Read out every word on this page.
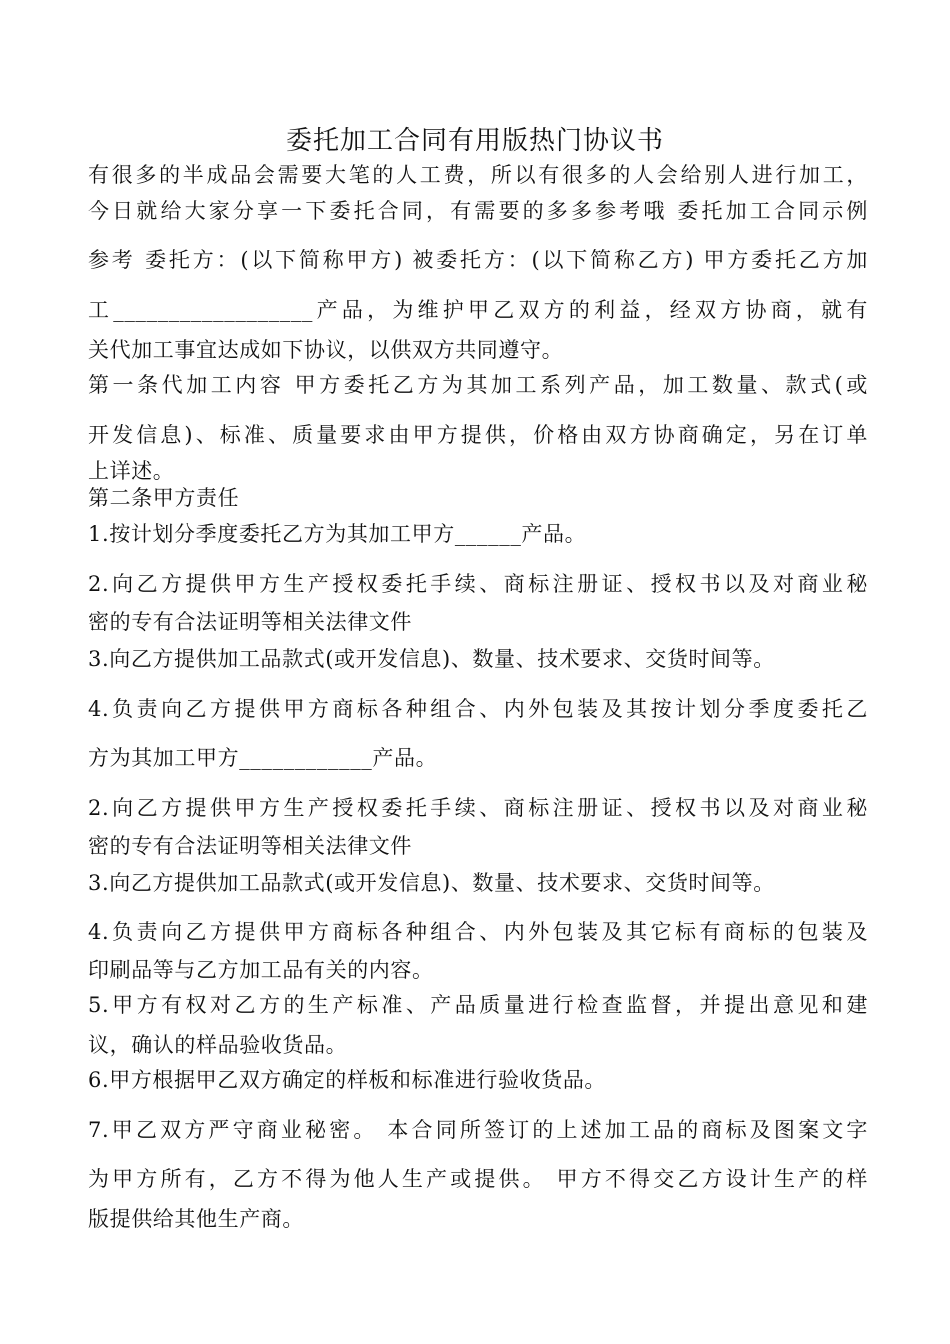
委托加工合同有用版热门协议书
有很多的半成品会需要大笔的人工费，所以有很多的人会给别人进行加工，
今日就给大家分享一下委托合同，有需要的多多参考哦 委托加工合同示例
参考 委托方：(以下简称甲方) 被委托方：(以下简称乙方) 甲方委托乙方加
工__________________产品，为维护甲乙双方的利益，经双方协商，就有
关代加工事宜达成如下协议，以供双方共同遵守。
第一条代加工内容 甲方委托乙方为其加工系列产品，加工数量、款式(或
开发信息)、标准、质量要求由甲方提供，价格由双方协商确定，另在订单
上详述。
第二条甲方责任
1.按计划分季度委托乙方为其加工甲方______产品。
2.向乙方提供甲方生产授权委托手续、商标注册证、授权书以及对商业秘
密的专有合法证明等相关法律文件
3.向乙方提供加工品款式(或开发信息)、数量、技术要求、交货时间等。
4.负责向乙方提供甲方商标各种组合、内外包装及其按计划分季度委托乙
方为其加工甲方____________产品。
2.向乙方提供甲方生产授权委托手续、商标注册证、授权书以及对商业秘
密的专有合法证明等相关法律文件
3.向乙方提供加工品款式(或开发信息)、数量、技术要求、交货时间等。
4.负责向乙方提供甲方商标各种组合、内外包装及其它标有商标的包装及
印刷品等与乙方加工品有关的内容。
5.甲方有权对乙方的生产标准、产品质量进行检查监督，并提出意见和建
议，确认的样品验收货品。
6.甲方根据甲乙双方确定的样板和标准进行验收货品。
7.甲乙双方严守商业秘密。 本合同所签订的上述加工品的商标及图案文字
为甲方所有，乙方不得为他人生产或提供。 甲方不得交乙方设计生产的样
版提供给其他生产商。
